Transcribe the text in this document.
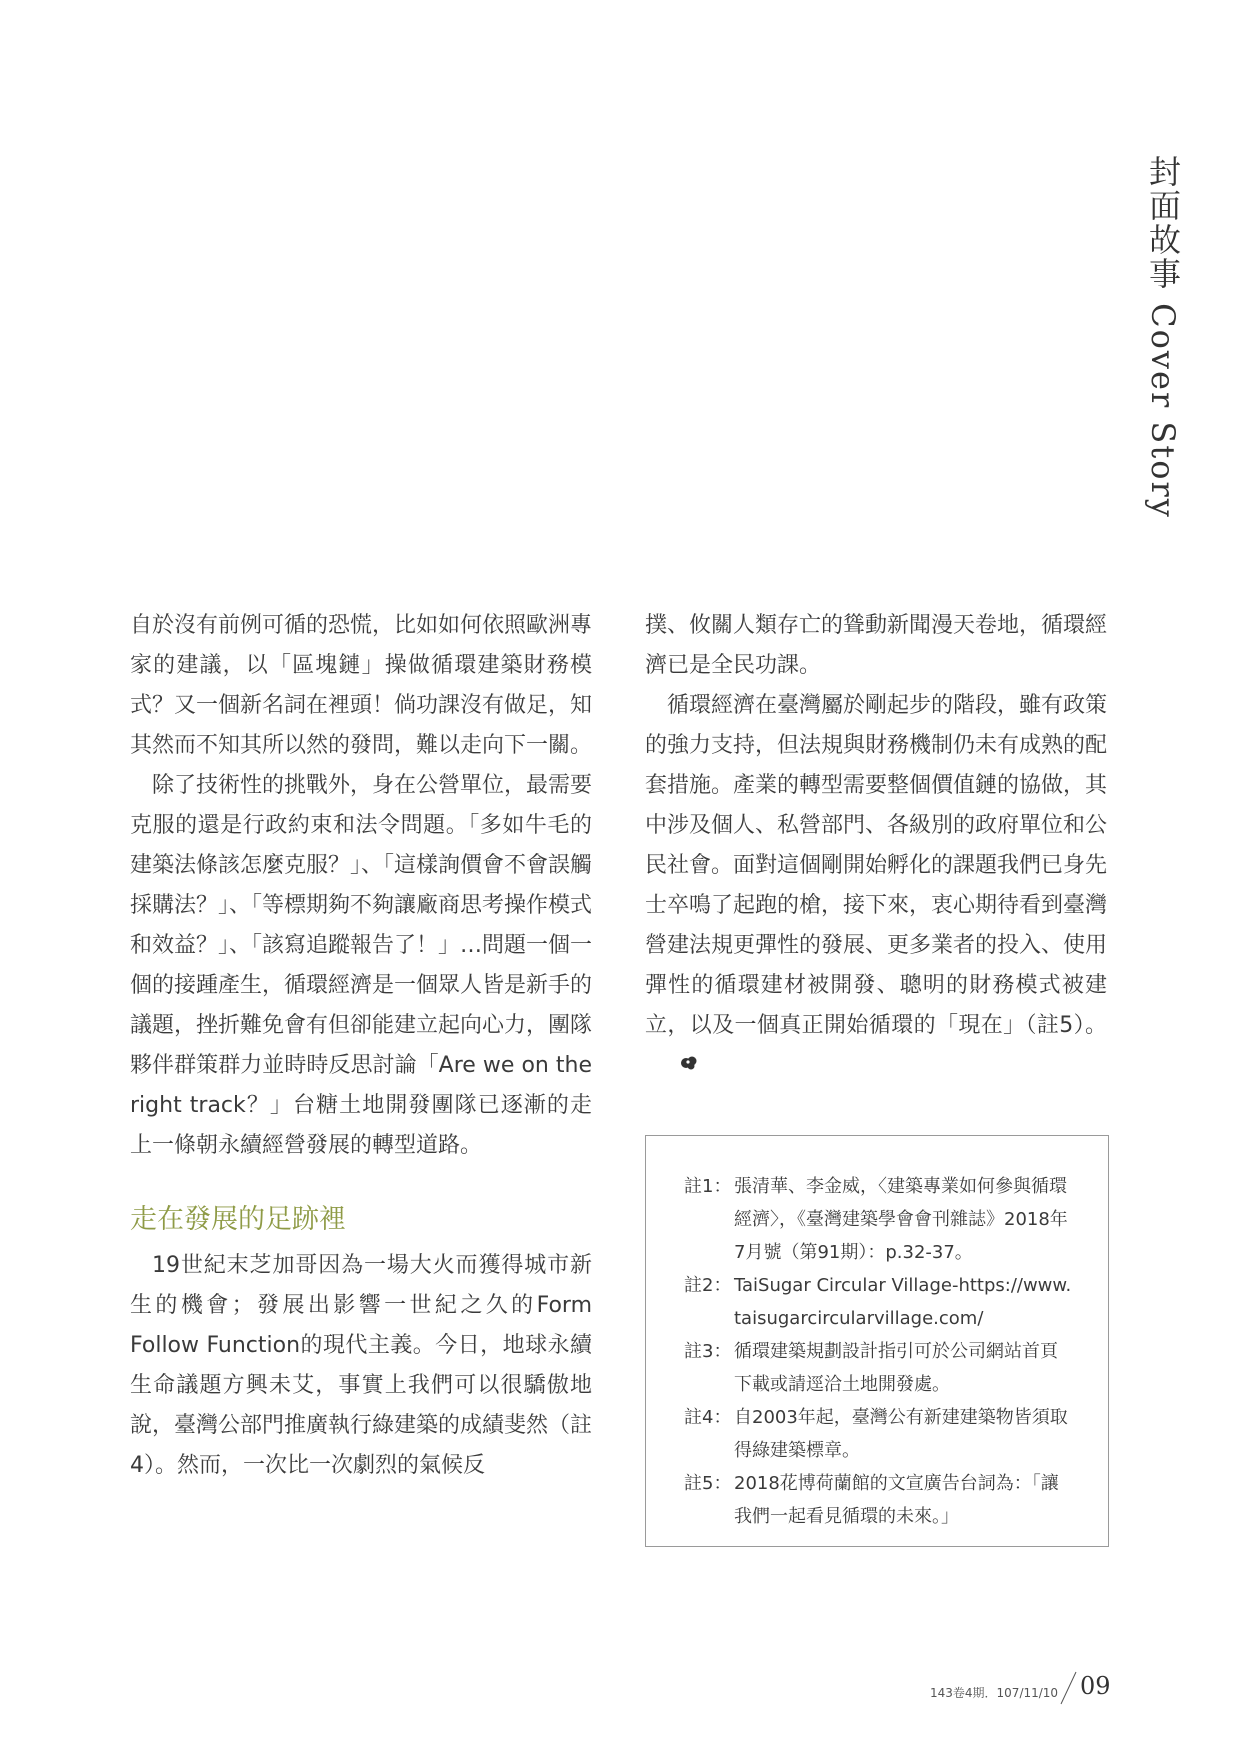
封面故事 Cover Story

自於沒有前例可循的恐慌，比如如何依照歐洲專家的建議，以「區塊鏈」操做循環建築財務模式？又一個新名詞在裡頭！倘功課沒有做足，知其然而不知其所以然的發問，難以走向下一關。

除了技術性的挑戰外，身在公營單位，最需要克服的還是行政約束和法令問題。「多如牛毛的建築法條該怎麼克服？」、「這樣詢價會不會誤觸採購法？」、「等標期夠不夠讓廠商思考操作模式和效益？」、「該寫追蹤報告了！」…問題一個一個的接踵產生，循環經濟是一個眾人皆是新手的議題，挫折難免會有但卻能建立起向心力，團隊夥伴群策群力並時時反思討論「Are we on the right track？」台糖土地開發團隊已逐漸的走上一條朝永續經營發展的轉型道路。

走在發展的足跡裡

19世紀末芝加哥因為一場大火而獲得城市新生的機會；發展出影響一世紀之久的Form Follow Function的現代主義。今日，地球永續生命議題方興未艾，事實上我們可以很驕傲地說，臺灣公部門推廣執行綠建築的成績斐然（註4）。然而，一次比一次劇烈的氣候反

撲、攸關人類存亡的聳動新聞漫天卷地，循環經濟已是全民功課。

循環經濟在臺灣屬於剛起步的階段，雖有政策的強力支持，但法規與財務機制仍未有成熟的配套措施。產業的轉型需要整個價值鏈的協做，其中涉及個人、私營部門、各級別的政府單位和公民社會。面對這個剛開始孵化的課題我們已身先士卒鳴了起跑的槍，接下來，衷心期待看到臺灣營建法規更彈性的發展、更多業者的投入、使用彈性的循環建材被開發、聰明的財務模式被建立，以及一個真正開始循環的「現在」（註5）。

註1： 張清華、李金威，〈建築專業如何參與循環經濟〉，《臺灣建築學會會刊雜誌》2018年7月號（第91期）：p.32-37。
註2： TaiSugar Circular Village-https://www.taisugarcircularvillage.com/
註3： 循環建築規劃設計指引可於公司網站首頁下載或請逕洽土地開發處。
註4： 自2003年起，臺灣公有新建建築物皆須取得綠建築標章。
註5： 2018花博荷蘭館的文宣廣告台詞為：「讓我們一起看見循環的未來。」
143卷4期．107/11/10 09
